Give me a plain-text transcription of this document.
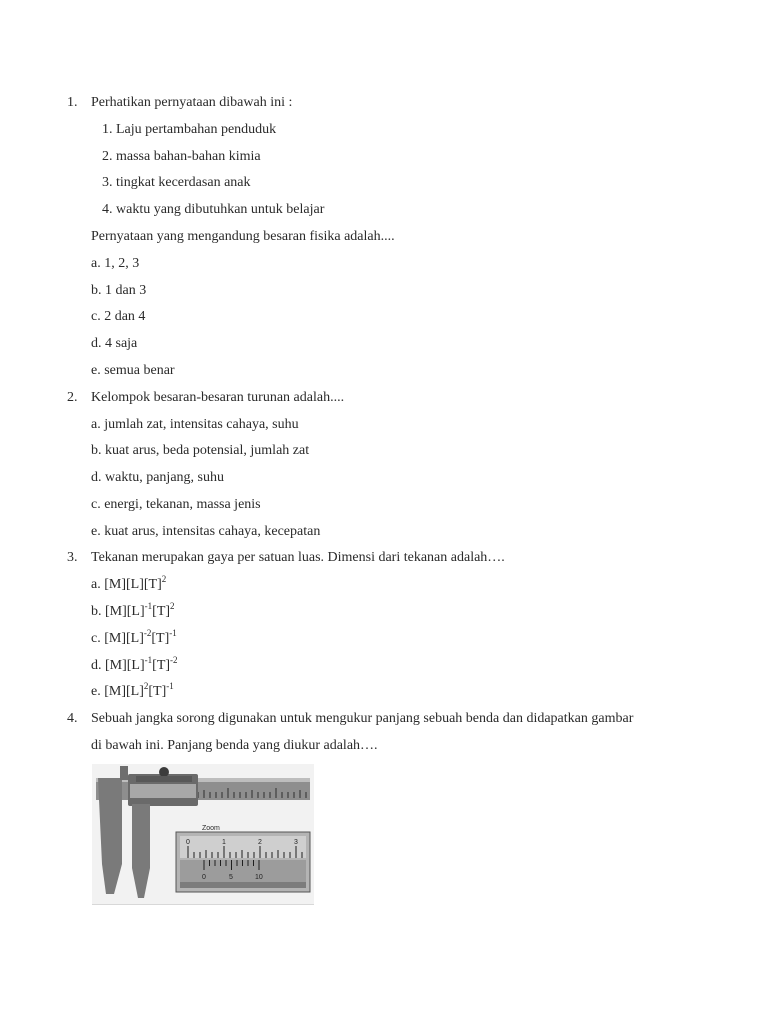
1. Perhatikan pernyataan dibawah ini :
1. Laju pertambahan penduduk
2. massa bahan-bahan kimia
3. tingkat kecerdasan anak
4. waktu yang dibutuhkan untuk belajar
Pernyataan yang mengandung besaran fisika adalah....
a. 1, 2, 3
b. 1 dan 3
c. 2 dan 4
d. 4 saja
e. semua benar
2. Kelompok besaran-besaran turunan adalah....
a. jumlah zat, intensitas cahaya, suhu
b. kuat arus, beda potensial, jumlah zat
d. waktu, panjang, suhu
c. energi, tekanan, massa jenis
e. kuat arus, intensitas cahaya, kecepatan
3. Tekanan merupakan gaya per satuan luas. Dimensi dari tekanan adalah….
a. $[M][L][T]^2$
b. $[M][L]^{-1}[T]^2$
c. $[M][L]^{-2}[T]^{-1}$
d. $[M][L]^{-1}[T]^{-2}$
e. $[M][L]^2[T]^{-1}$
4. Sebuah jangka sorong digunakan untuk mengukur panjang sebuah benda dan didapatkan gambar
di bawah ini. Panjang benda yang diukur adalah….
Zoom
0	1	2	3
0	5	10
